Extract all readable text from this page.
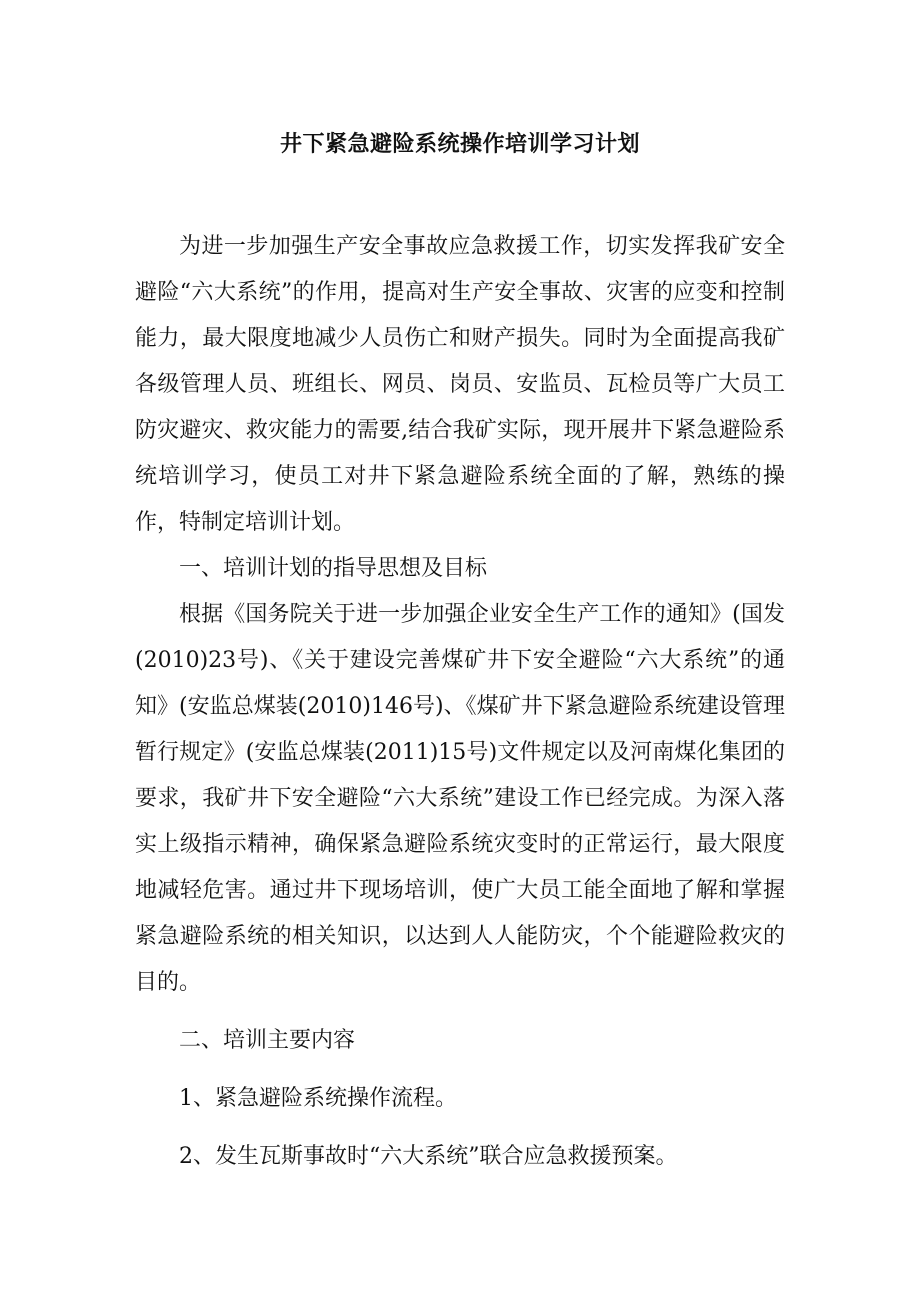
井下紧急避险系统操作培训学习计划

为进一步加强生产安全事故应急救援工作，切实发挥我矿安全避险“六大系统”的作用，提高对生产安全事故、灾害的应变和控制能力，最大限度地减少人员伤亡和财产损失。同时为全面提高我矿各级管理人员、班组长、网员、岗员、安监员、瓦检员等广大员工防灾避灾、救灾能力的需要,结合我矿实际，现开展井下紧急避险系统培训学习，使员工对井下紧急避险系统全面的了解，熟练的操作，特制定培训计划。

一、培训计划的指导思想及目标

根据《国务院关于进一步加强企业安全生产工作的通知》(国发(2010)23号)、《关于建设完善煤矿井下安全避险“六大系统”的通知》(安监总煤装(2010)146号)、《煤矿井下紧急避险系统建设管理暂行规定》(安监总煤装(2011)15号)文件规定以及河南煤化集团的要求，我矿井下安全避险“六大系统”建设工作已经完成。为深入落实上级指示精神，确保紧急避险系统灾变时的正常运行，最大限度地减轻危害。通过井下现场培训，使广大员工能全面地了解和掌握紧急避险系统的相关知识，以达到人人能防灾，个个能避险救灾的目的。

二、培训主要内容

1、紧急避险系统操作流程。

2、发生瓦斯事故时“六大系统”联合应急救援预案。
